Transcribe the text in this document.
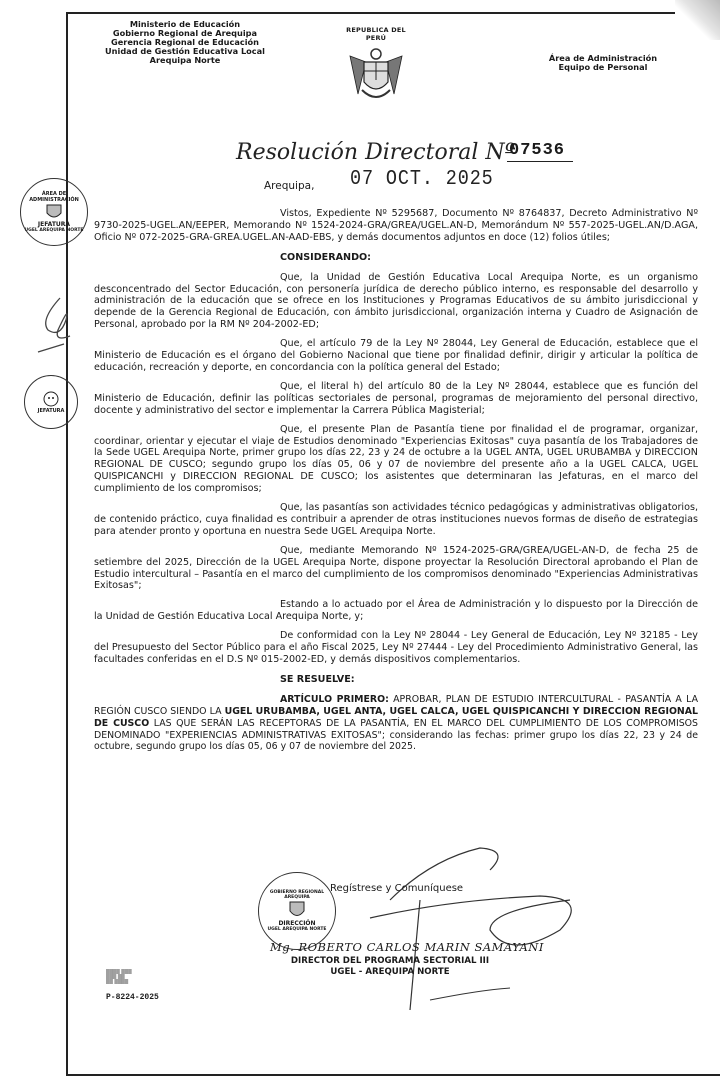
Ministerio de Educación
Gobierno Regional de Arequipa
Gerencia Regional de Educación
Unidad de Gestión Educativa Local
Arequipa Norte
REPUBLICA DEL PERÚ
Área de Administración
Equipo de Personal
Resolución Directoral Nº
07536
Arequipa, 07 OCT. 2025
ÁREA DE ADMINISTRACIÓN
JEFATURA
UGEL AREQUIPA NORTE
JEFATURA

Vistos, Expediente Nº 5295687, Documento Nº 8764837, Decreto Administrativo Nº 9730-2025-UGEL.AN/EEPER, Memorando Nº 1524-2024-GRA/GREA/UGEL.AN-D, Memorándum Nº 557-2025-UGEL.AN/D.AGA, Oficio Nº 072-2025-GRA-GREA.UGEL.AN-AAD-EBS, y demás documentos adjuntos en doce (12) folios útiles;

CONSIDERANDO:

Que, la Unidad de Gestión Educativa Local Arequipa Norte, es un organismo desconcentrado del Sector Educación, con personería jurídica de derecho público interno, es responsable del desarrollo y administración de la educación que se ofrece en los Instituciones y Programas Educativos de su ámbito jurisdiccional y depende de la Gerencia Regional de Educación, con ámbito jurisdiccional, organización interna y Cuadro de Asignación de Personal, aprobado por la RM Nº 204-2002-ED;

Que, el artículo 79 de la Ley Nº 28044, Ley General de Educación, establece que el Ministerio de Educación es el órgano del Gobierno Nacional que tiene por finalidad definir, dirigir y articular la política de educación, recreación y deporte, en concordancia con la política general del Estado;

Que, el literal h) del artículo 80 de la Ley Nº 28044, establece que es función del Ministerio de Educación, definir las políticas sectoriales de personal, programas de mejoramiento del personal directivo, docente y administrativo del sector e implementar la Carrera Pública Magisterial;

Que, el presente Plan de Pasantía tiene por finalidad el de programar, organizar, coordinar, orientar y ejecutar el viaje de Estudios denominado "Experiencias Exitosas" cuya pasantía de los Trabajadores de la Sede UGEL Arequipa Norte, primer grupo los días 22, 23 y 24 de octubre a la UGEL ANTA, UGEL URUBAMBA y DIRECCION REGIONAL DE CUSCO; segundo grupo los días 05, 06 y 07 de noviembre del presente año a la UGEL CALCA, UGEL QUISPICANCHI y DIRECCION REGIONAL DE CUSCO; los asistentes que determinaran las Jefaturas, en el marco del cumplimiento de los compromisos;

Que, las pasantías son actividades técnico pedagógicas y administrativas obligatorios, de contenido práctico, cuya finalidad es contribuir a aprender de otras instituciones nuevos formas de diseño de estrategias para atender pronto y oportuna en nuestra Sede UGEL Arequipa Norte.

Que, mediante Memorando Nº 1524-2025-GRA/GREA/UGEL-AN-D, de fecha 25 de setiembre del 2025, Dirección de la UGEL Arequipa Norte, dispone proyectar la Resolución Directoral aprobando el Plan de Estudio intercultural – Pasantía en el marco del cumplimiento de los compromisos denominado "Experiencias Administrativas Exitosas";

Estando a lo actuado por el Área de Administración y lo dispuesto por la Dirección de la Unidad de Gestión Educativa Local Arequipa Norte, y;

De conformidad con la Ley Nº 28044 - Ley General de Educación, Ley Nº 32185 - Ley del Presupuesto del Sector Público para el año Fiscal 2025, Ley Nº 27444 - Ley del Procedimiento Administrativo General, las facultades conferidas en el D.S Nº 015-2002-ED, y demás dispositivos complementarios.

SE RESUELVE:

ARTÍCULO PRIMERO: APROBAR, PLAN DE ESTUDIO INTERCULTURAL - PASANTÍA A LA REGIÓN CUSCO SIENDO LA UGEL URUBAMBA, UGEL ANTA, UGEL CALCA, UGEL QUISPICANCHI Y DIRECCION REGIONAL DE CUSCO LAS QUE SERÁN LAS RECEPTORAS DE LA PASANTÍA, EN EL MARCO DEL CUMPLIMIENTO DE LOS COMPROMISOS DENOMINADO "EXPERIENCIAS ADMINISTRATIVAS EXITOSAS"; considerando las fechas: primer grupo los días 22, 23 y 24 de octubre, segundo grupo los días 05, 06 y 07 de noviembre del 2025.

GOBIERNO REGIONAL AREQUIPA
DIRECCIÓN
UGEL AREQUIPA NORTE
Regístrese y Comuníquese
Mg. ROBERTO CARLOS MARIN SAMAYANI
DIRECTOR DEL PROGRAMA SECTORIAL III
UGEL - AREQUIPA NORTE
▒▒▒▒ ▒▒▒
▒▒▒ ▒▒
▒▒ ▒▒▒▒
P-8224-2025
